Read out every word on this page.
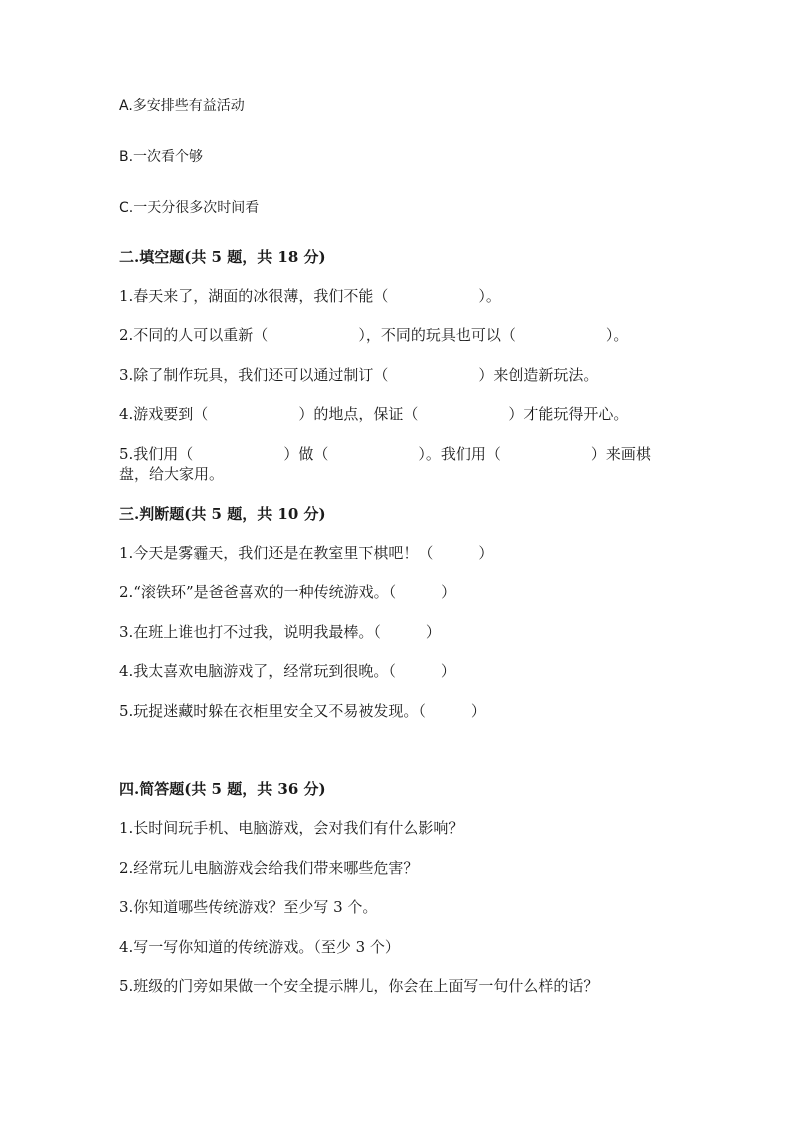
A.多安排些有益活动
B.一次看个够
C.一天分很多次时间看
二.填空题(共 5 题，共 18 分)
1.春天来了，湖面的冰很薄，我们不能（　　　　　　）。
2.不同的人可以重新（　　　　　　），不同的玩具也可以（　　　　　　）。
3.除了制作玩具，我们还可以通过制订（　　　　　　）来创造新玩法。
4.游戏要到（　　　　　　）的地点，保证（　　　　　　）才能玩得开心。
5.我们用（　　　　　　）做（　　　　　　）。我们用（　　　　　　）来画棋盘，给大家用。
三.判断题(共 5 题，共 10 分)
1.今天是雾霾天，我们还是在教室里下棋吧！（　　　）
2.“滚铁环”是爸爸喜欢的一种传统游戏。（　　　）
3.在班上谁也打不过我，说明我最棒。（　　　）
4.我太喜欢电脑游戏了，经常玩到很晚。（　　　）
5.玩捉迷藏时躲在衣柜里安全又不易被发现。（　　　）
四.简答题(共 5 题，共 36 分)
1.长时间玩手机、电脑游戏，会对我们有什么影响？
2.经常玩儿电脑游戏会给我们带来哪些危害？
3.你知道哪些传统游戏？至少写 3 个。
4.写一写你知道的传统游戏。（至少 3 个）
5.班级的门旁如果做一个安全提示牌儿，你会在上面写一句什么样的话？
